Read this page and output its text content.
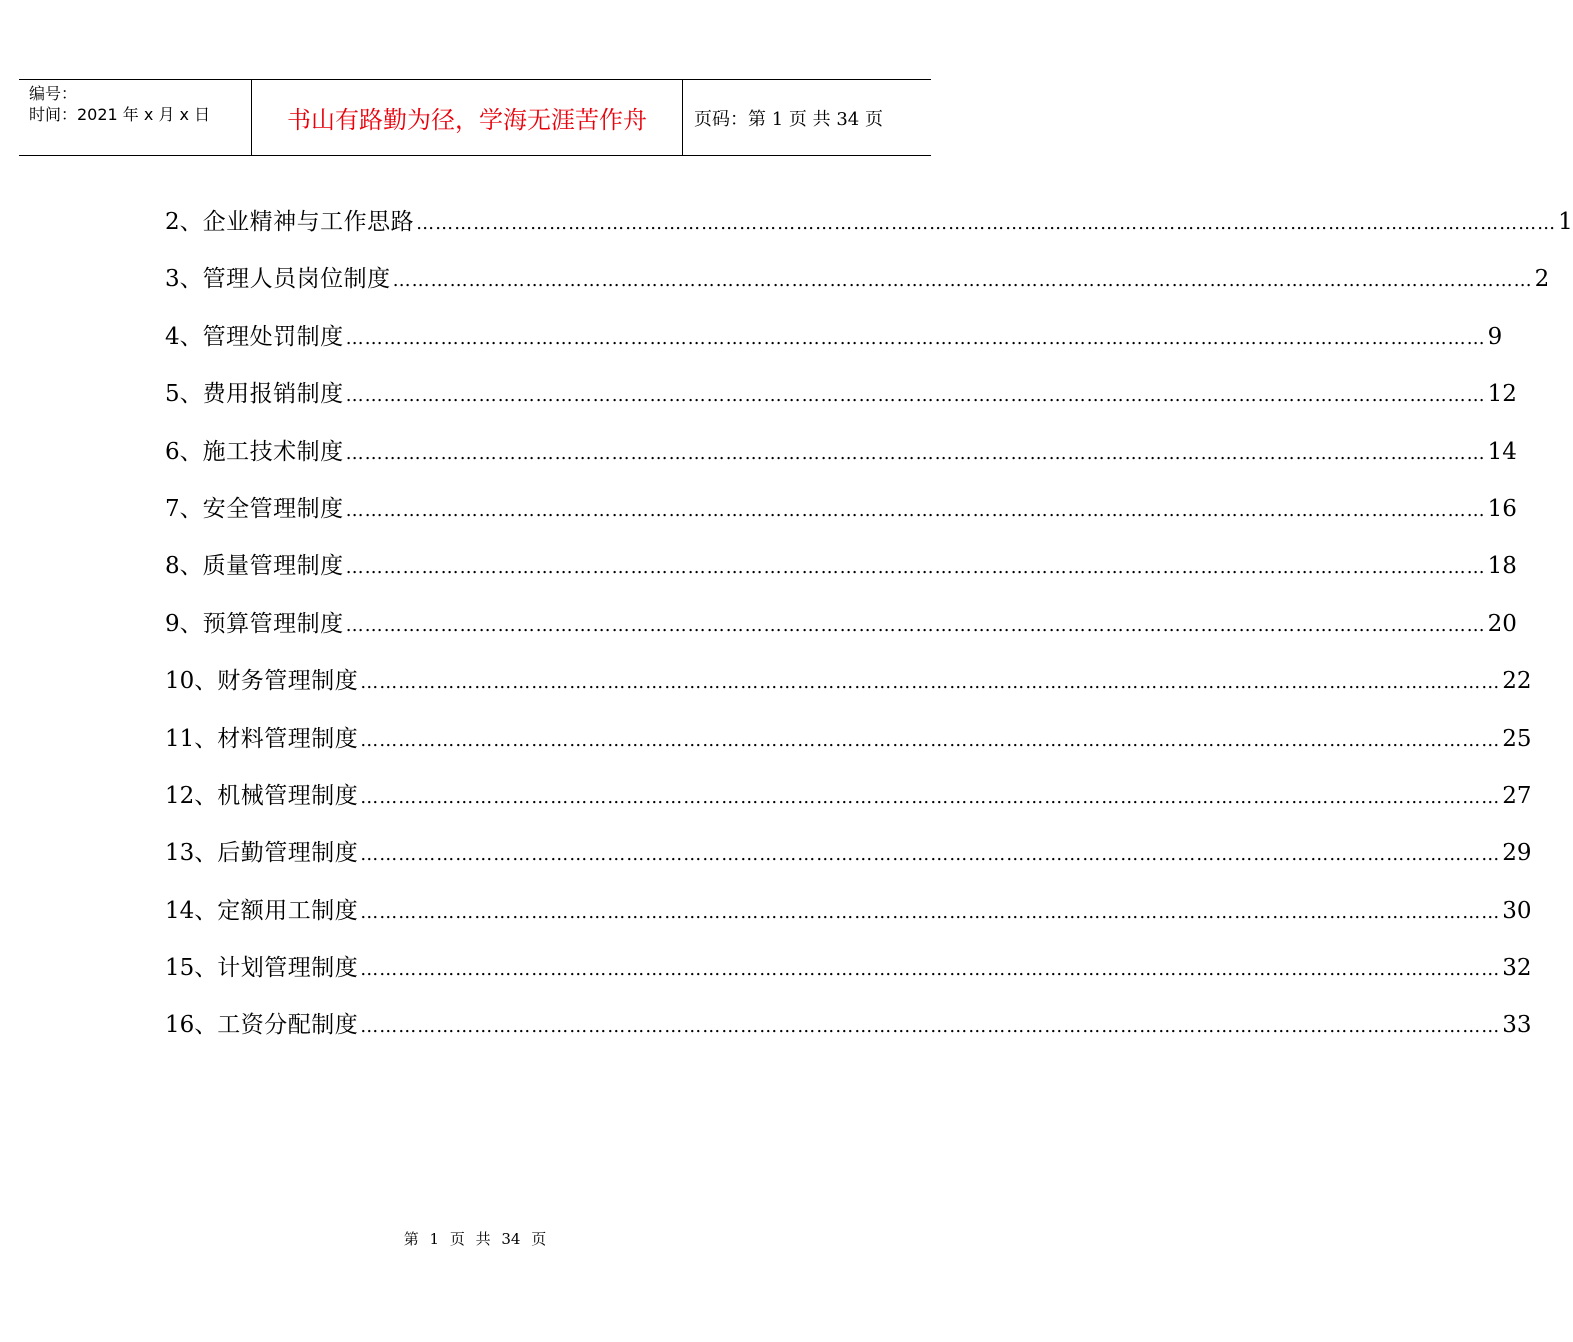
编号：
时间：2021 年 x 月 x 日	书山有路勤为径，学海无涯苦作舟	页码：第 1 页 共 34 页
2、 企业精神与工作思路 ……………………………………………………………………………………………………………………………………………………………… 1
3、 管理人员岗位制度 ……………………………………………………………………………………………………………………………………………………………… 2
4、 管理处罚制度 ……………………………………………………………………………………………………………………………………………………………… 9
5、 费用报销制度 ……………………………………………………………………………………………………………………………………………………………… 12
6、 施工技术制度 ……………………………………………………………………………………………………………………………………………………………… 14
7、 安全管理制度 ……………………………………………………………………………………………………………………………………………………………… 16
8、 质量管理制度 ……………………………………………………………………………………………………………………………………………………………… 18
9、 预算管理制度 ……………………………………………………………………………………………………………………………………………………………… 20
10、 财务管理制度 ……………………………………………………………………………………………………………………………………………………………… 22
11、 材料管理制度 ……………………………………………………………………………………………………………………………………………………………… 25
12、 机械管理制度 ……………………………………………………………………………………………………………………………………………………………… 27
13、 后勤管理制度 ……………………………………………………………………………………………………………………………………………………………… 29
14、 定额用工制度 ……………………………………………………………………………………………………………………………………………………………… 30
15、 计划管理制度 ……………………………………………………………………………………………………………………………………………………………… 32
16、 工资分配制度 ……………………………………………………………………………………………………………………………………………………………… 33
第 1 页 共 34 页
